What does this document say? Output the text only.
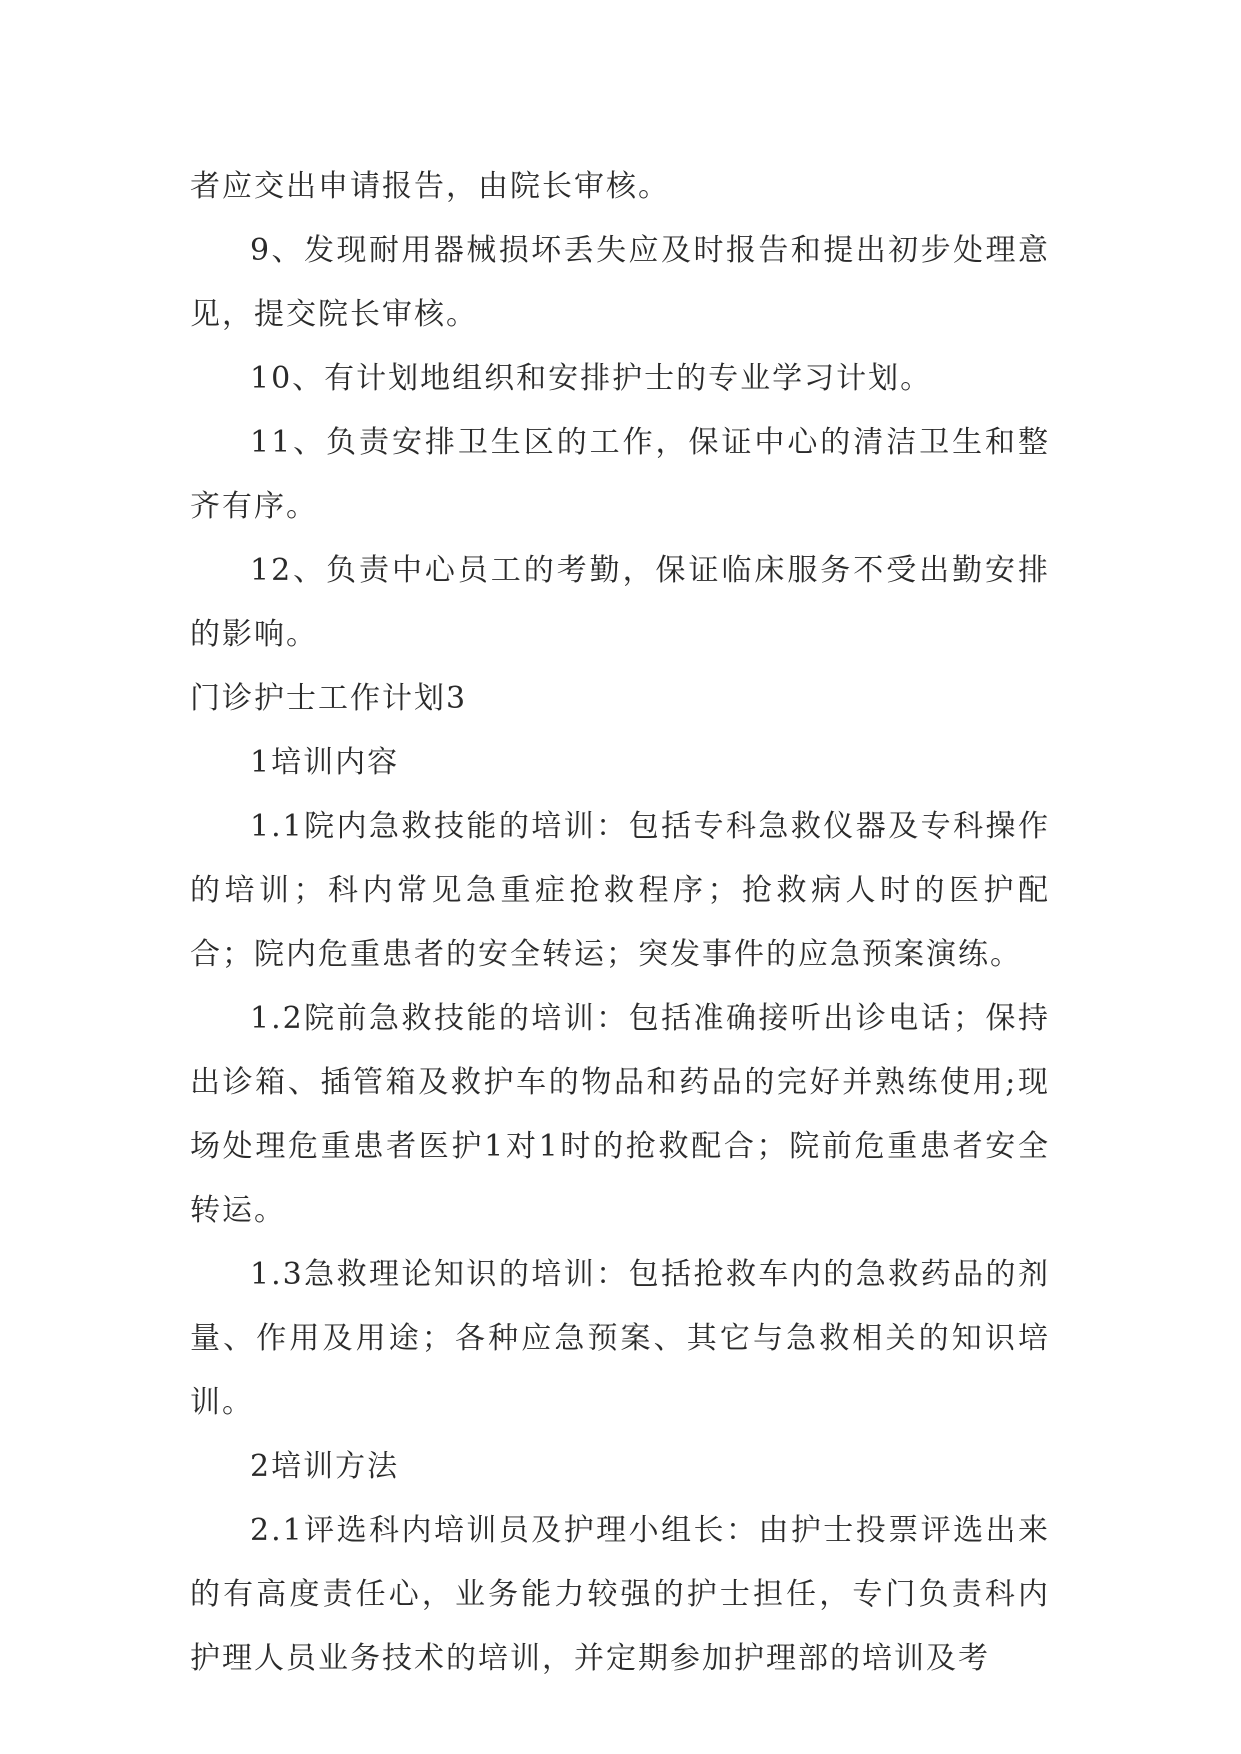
者应交出申请报告，由院长审核。

9、发现耐用器械损坏丢失应及时报告和提出初步处理意见，提交院长审核。

10、有计划地组织和安排护士的专业学习计划。

11、负责安排卫生区的工作，保证中心的清洁卫生和整齐有序。

12、负责中心员工的考勤，保证临床服务不受出勤安排的影响。

门诊护士工作计划3

1培训内容

1.1院内急救技能的培训：包括专科急救仪器及专科操作的培训；科内常见急重症抢救程序；抢救病人时的医护配合；院内危重患者的安全转运；突发事件的应急预案演练。

1.2院前急救技能的培训：包括准确接听出诊电话；保持出诊箱、插管箱及救护车的物品和药品的完好并熟练使用;现场处理危重患者医护1对1时的抢救配合；院前危重患者安全转运。

1.3急救理论知识的培训：包括抢救车内的急救药品的剂量、作用及用途；各种应急预案、其它与急救相关的知识培训。

2培训方法

2.1评选科内培训员及护理小组长：由护士投票评选出来的有高度责任心，业务能力较强的护士担任，专门负责科内护理人员业务技术的培训，并定期参加护理部的培训及考
